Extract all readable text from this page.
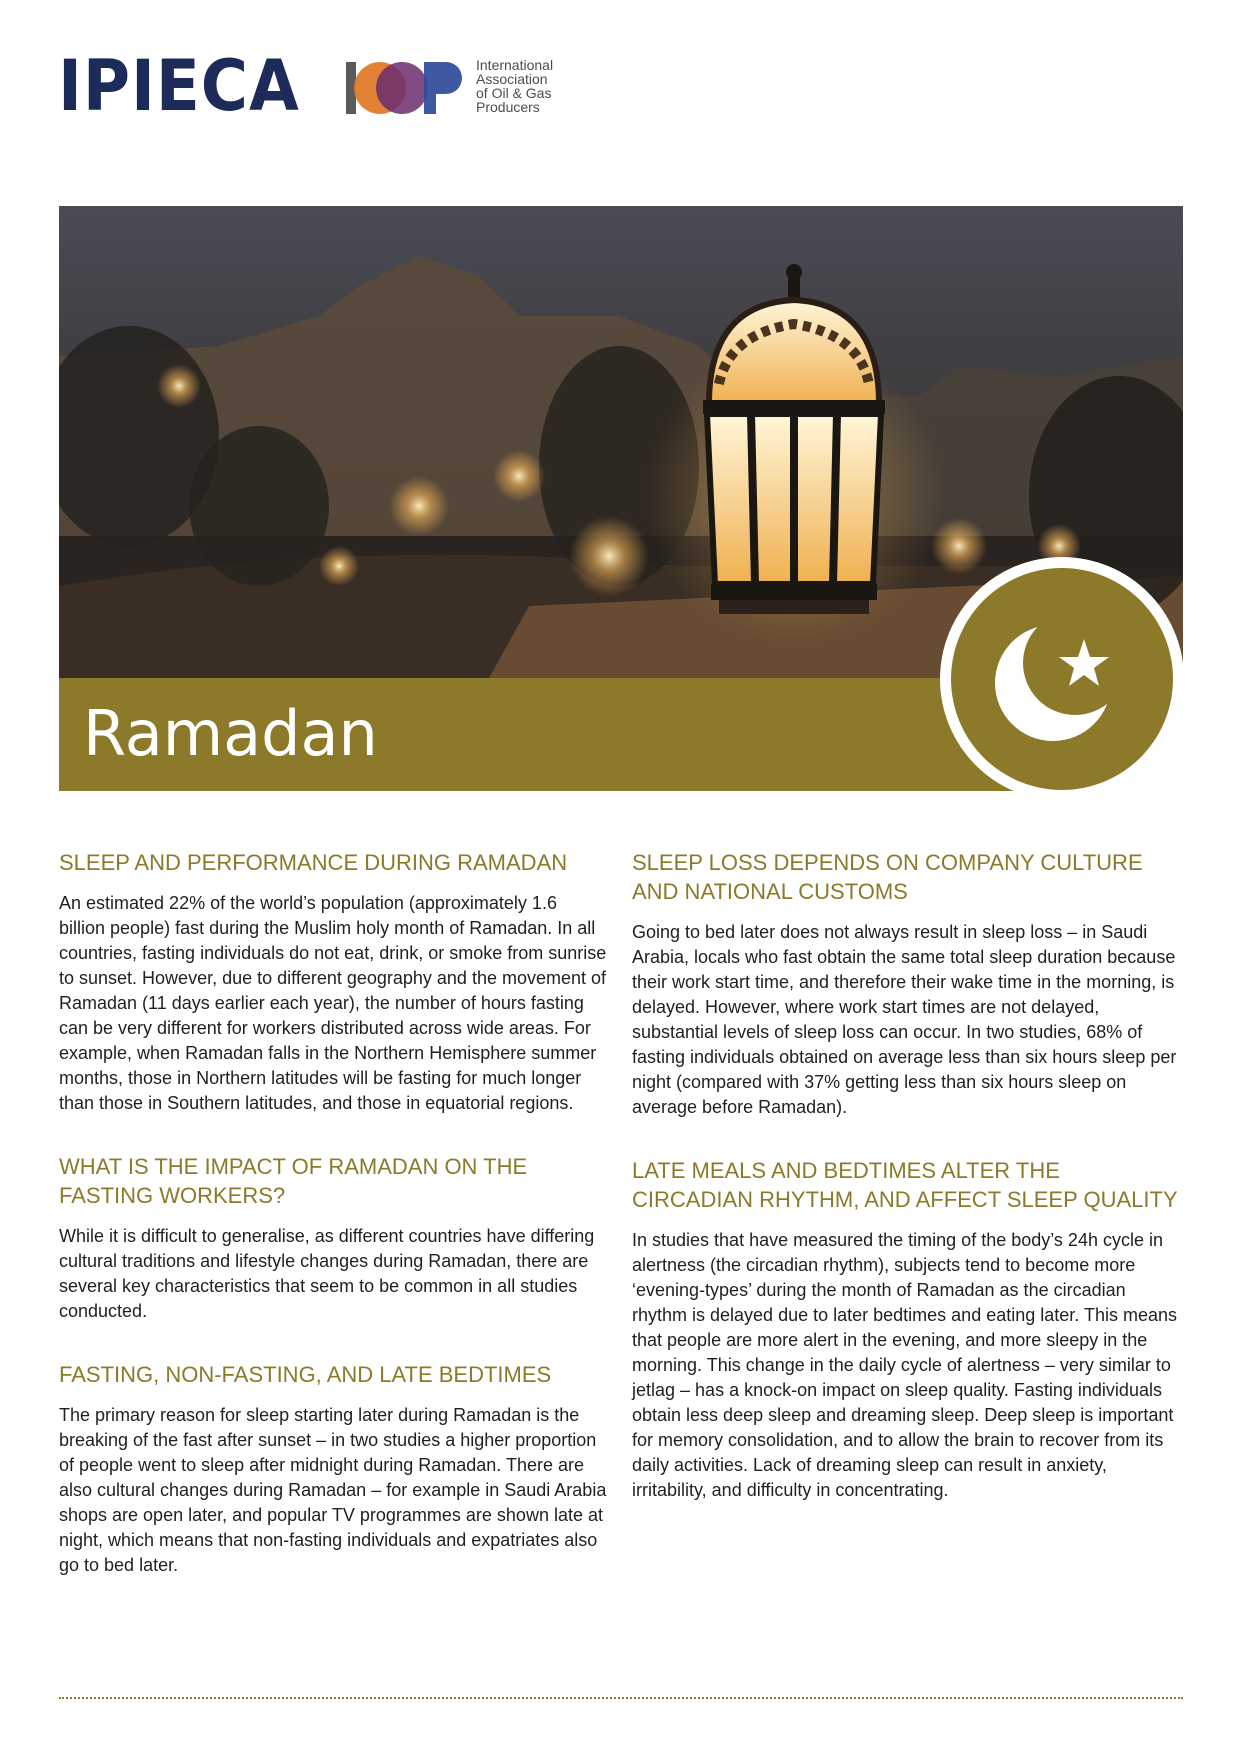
IPIECA	International
Association
of Oil & Gas
Producers
Ramadan
SLEEP AND PERFORMANCE DURING RAMADAN

An estimated 22% of the world’s population (approximately 1.6 billion people) fast during the Muslim holy month of Ramadan. In all countries, fasting individuals do not eat, drink, or smoke from sunrise to sunset. However, due to different geography and the movement of Ramadan (11 days earlier each year), the number of hours fasting can be very different for workers distributed across wide areas. For example, when Ramadan falls in the Northern Hemisphere summer months, those in Northern latitudes will be fasting for much longer than those in Southern latitudes, and those in equatorial regions.

WHAT IS THE IMPACT OF RAMADAN ON THE FASTING WORKERS?

While it is difficult to generalise, as different countries have differing cultural traditions and lifestyle changes during Ramadan, there are several key characteristics that seem to be common in all studies conducted.

FASTING, NON-FASTING, AND LATE BEDTIMES

The primary reason for sleep starting later during Ramadan is the breaking of the fast after sunset – in two studies a higher proportion of people went to sleep after midnight during Ramadan. There are also cultural changes during Ramadan – for example in Saudi Arabia shops are open later, and popular TV programmes are shown late at night, which means that non-fasting individuals and expatriates also go to bed later.

SLEEP LOSS DEPENDS ON COMPANY CULTURE AND NATIONAL CUSTOMS

Going to bed later does not always result in sleep loss – in Saudi Arabia, locals who fast obtain the same total sleep duration because their work start time, and therefore their wake time in the morning, is delayed. However, where work start times are not delayed, substantial levels of sleep loss can occur. In two studies, 68% of fasting individuals obtained on average less than six hours sleep per night (compared with 37% getting less than six hours sleep on average before Ramadan).

LATE MEALS AND BEDTIMES ALTER THE CIRCADIAN RHYTHM, AND AFFECT SLEEP QUALITY

In studies that have measured the timing of the body’s 24h cycle in alertness (the circadian rhythm), subjects tend to become more ‘evening-types’ during the month of Ramadan as the circadian rhythm is delayed due to later bedtimes and eating later. This means that people are more alert in the evening, and more sleepy in the morning. This change in the daily cycle of alertness – very similar to jetlag – has a knock-on impact on sleep quality. Fasting individuals obtain less deep sleep and dreaming sleep. Deep sleep is important for memory consolidation, and to allow the brain to recover from its daily activities. Lack of dreaming sleep can result in anxiety, irritability, and difficulty in concentrating.
